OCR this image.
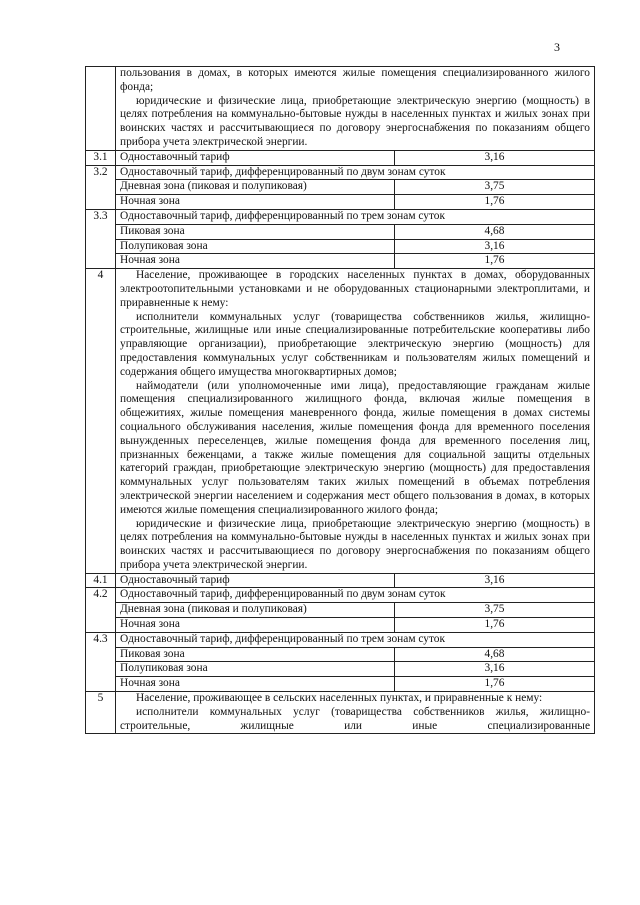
3

	пользования в домах, в которых имеются жилые помещения специализированного жилого фонда;

юридические и физические лица, приобретающие электрическую энергию (мощность) в целях потребления на коммунально-бытовые нужды в населенных пунктах и жилых зонах при воинских частях и рассчитывающиеся по договору энергоснабжения по показаниям общего прибора учета электрической энергии.	

3.1	Одноставочный тариф	3,16
3.2	Одноставочный тариф, дифференцированный по двум зонам суток	
	Дневная зона (пиковая и полупиковая)	3,75
	Ночная зона	1,76
3.3	Одноставочный тариф, дифференцированный по трем зонам суток	
	Пиковая зона	4,68
	Полупиковая зона	3,16
	Ночная зона	1,76
4	Население, проживающее в городских населенных пунктах в домах, оборудованных электроотопительными установками и не оборудованных стационарными электроплитами, и приравненные к нему:

исполнители коммунальных услуг (товарищества собственников жилья, жилищно-строительные, жилищные или иные специализированные потребительские кооперативы либо управляющие организации), приобретающие электрическую энергию (мощность) для предоставления коммунальных услуг собственникам и пользователям жилых помещений и содержания общего имущества многоквартирных домов;

наймодатели (или уполномоченные ими лица), предоставляющие гражданам жилые помещения специализированного жилищного фонда, включая жилые помещения в общежитиях, жилые помещения маневренного фонда, жилые помещения в домах системы социального обслуживания населения, жилые помещения фонда для временного поселения вынужденных переселенцев, жилые помещения фонда для временного поселения лиц, признанных беженцами, а также жилые помещения для социальной защиты отдельных категорий граждан, приобретающие электрическую энергию (мощность) для предоставления коммунальных услуг пользователям таких жилых помещений в объемах потребления электрической энергии населением и содержания мест общего пользования в домах, в которых имеются жилые помещения специализированного жилого фонда;

юридические и физические лица, приобретающие электрическую энергию (мощность) в целях потребления на коммунально-бытовые нужды в населенных пунктах и жилых зонах при воинских частях и рассчитывающиеся по договору энергоснабжения по показаниям общего прибора учета электрической энергии.	

4.1	Одноставочный тариф	3,16
4.2	Одноставочный тариф, дифференцированный по двум зонам суток	
	Дневная зона (пиковая и полупиковая)	3,75
	Ночная зона	1,76
4.3	Одноставочный тариф, дифференцированный по трем зонам суток	
	Пиковая зона	4,68
	Полупиковая зона	3,16
	Ночная зона	1,76
5	Население, проживающее в сельских населенных пунктах, и приравненные к нему:

исполнители коммунальных услуг (товарищества собственников жилья, жилищно-строительные, жилищные или иные специализированные	
